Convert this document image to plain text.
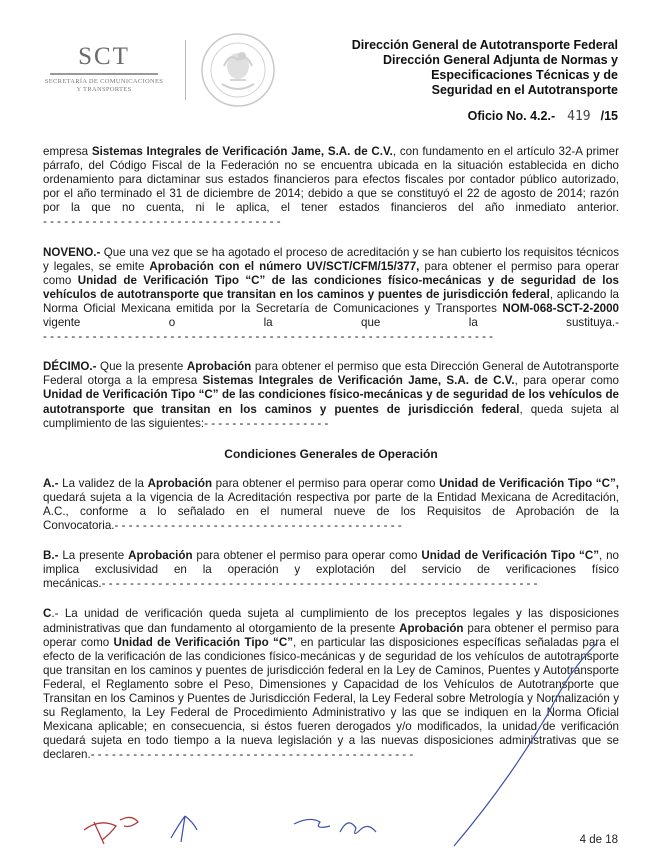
SCT
SECRETARÍA DE COMUNICACIONES
Y TRANSPORTES
Dirección General de Autotransporte Federal
Dirección General Adjunta de Normas y
Especificaciones Técnicas y de
Seguridad en el Autotransporte
Oficio No. 4.2.- 419 /15

empresa Sistemas Integrales de Verificación Jame, S.A. de C.V., con fundamento en el artículo 32-A primer párrafo, del Código Fiscal de la Federación no se encuentra ubicada en la situación establecida en dicho ordenamiento para dictaminar sus estados financieros para efectos fiscales por contador público autorizado, por el año terminado el 31 de diciembre de 2014; debido a que se constituyó el 22 de agosto de 2014; razón por la que no cuenta, ni le aplica, el tener estados financieros del año inmediato anterior. - - - - - - - - - - - - - - - - - - - - - - - - - - - - - - - - - -

NOVENO.- Que una vez que se ha agotado el proceso de acreditación y se han cubierto los requisitos técnicos y legales, se emite Aprobación con el número UV/SCT/CFM/15/377, para obtener el permiso para operar como Unidad de Verificación Tipo “C” de las condiciones físico-mecánicas y de seguridad de los vehículos de autotransporte que transitan en los caminos y puentes de jurisdicción federal, aplicando la Norma Oficial Mexicana emitida por la Secretaría de Comunicaciones y Transportes NOM-068-SCT-2-2000 vigente o la que la sustituya.- - - - - - - - - - - - - - - - - - - - - - - - - - - - - - - - - - - - - - - - - - - - - - - - - - - - - - - - - - - - - - - - -

DÉCIMO.- Que la presente Aprobación para obtener el permiso que esta Dirección General de Autotransporte Federal otorga a la empresa Sistemas Integrales de Verificación Jame, S.A. de C.V., para operar como Unidad de Verificación Tipo “C” de las condiciones físico-mecánicas y de seguridad de los vehículos de autotransporte que transitan en los caminos y puentes de jurisdicción federal, queda sujeta al cumplimiento de las siguientes:- - - - - - - - - - - - - - - - - -

Condiciones Generales de Operación

A.- La validez de la Aprobación para obtener el permiso para operar como Unidad de Verificación Tipo “C”, quedará sujeta a la vigencia de la Acreditación respectiva por parte de la Entidad Mexicana de Acreditación, A.C., conforme a lo señalado en el numeral nueve de los Requisitos de Aprobación de la Convocatoria.- - - - - - - - - - - - - - - - - - - - - - - - - - - - - - - - - - - - - - - - -

B.- La presente Aprobación para obtener el permiso para operar como Unidad de Verificación Tipo “C”, no implica exclusividad en la operación y explotación del servicio de verificaciones físico mecánicas.- - - - - - - - - - - - - - - - - - - - - - - - - - - - - - - - - - - - - - - - - - - - - - - - - - - - - - - - - - - - - -

C.- La unidad de verificación queda sujeta al cumplimiento de los preceptos legales y las disposiciones administrativas que dan fundamento al otorgamiento de la presente Aprobación para obtener el permiso para operar como Unidad de Verificación Tipo “C”, en particular las disposiciones específicas señaladas para el efecto de la verificación de las condiciones físico-mecánicas y de seguridad de los vehículos de autotransporte que transitan en los caminos y puentes de jurisdicción federal en la Ley de Caminos, Puentes y Autotransporte Federal, el Reglamento sobre el Peso, Dimensiones y Capacidad de los Vehículos de Autotransporte que Transitan en los Caminos y Puentes de Jurisdicción Federal, la Ley Federal sobre Metrología y Normalización y su Reglamento, la Ley Federal de Procedimiento Administrativo y las que se indiquen en la Norma Oficial Mexicana aplicable; en consecuencia, si éstos fueren derogados y/o modificados, la unidad de verificación quedará sujeta en todo tiempo a la nueva legislación y a las nuevas disposiciones administrativas que se declaren.- - - - - - - - - - - - - - - - - - - - - - - - - - - - - - - - - - - - - - - - - - - - - -

4 de 18
